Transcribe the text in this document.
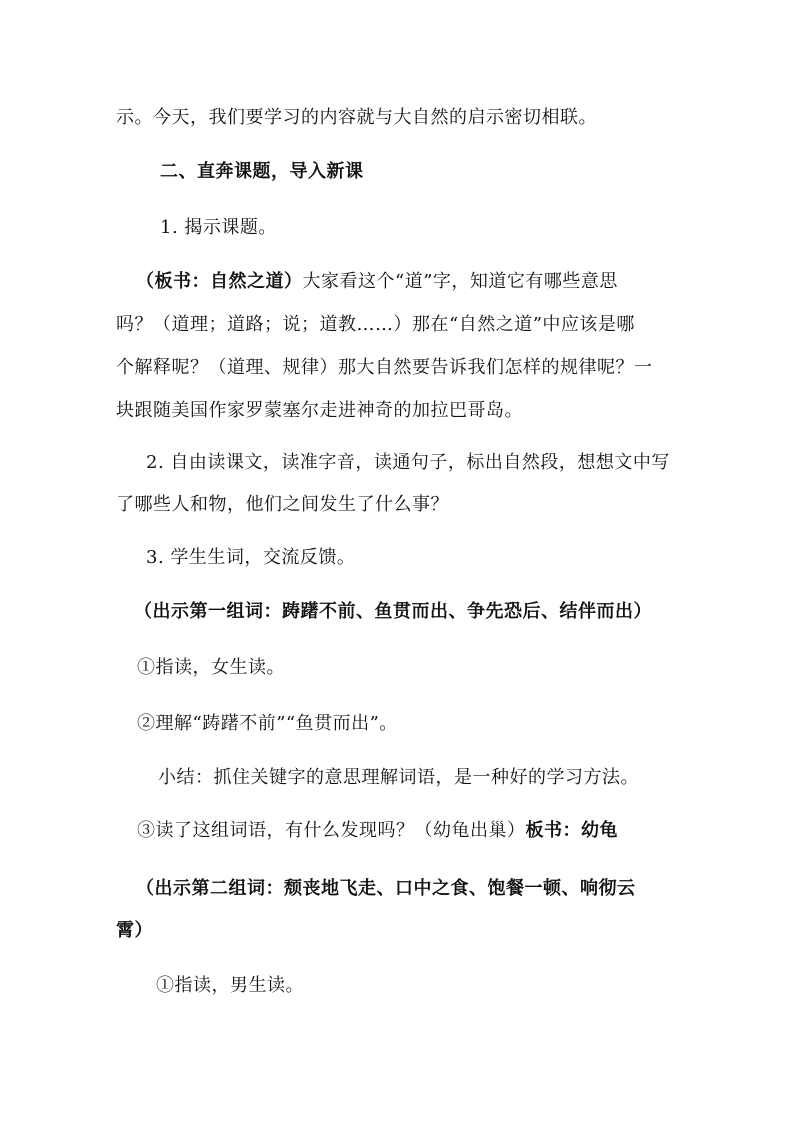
示。今天，我们要学习的内容就与大自然的启示密切相联。
二、直奔课题，导入新课
1. 揭示课题。
（板书：自然之道）大家看这个“道”字，知道它有哪些意思
吗？（道理；道路；说；道教……）那在“自然之道”中应该是哪
个解释呢？（道理、规律）那大自然要告诉我们怎样的规律呢？一
块跟随美国作家罗蒙塞尔走进神奇的加拉巴哥岛。
2. 自由读课文，读准字音，读通句子，标出自然段，想想文中写
了哪些人和物，他们之间发生了什么事？
3. 学生生词，交流反馈。
（出示第一组词：踌躇不前、鱼贯而出、争先恐后、结伴而出）
①指读，女生读。
②理解“踌躇不前”“鱼贯而出”。
小结：抓住关键字的意思理解词语，是一种好的学习方法。
③读了这组词语，有什么发现吗？（幼龟出巢）板书：幼龟
（出示第二组词：颓丧地飞走、口中之食、饱餐一顿、响彻云
霄）
①指读，男生读。
